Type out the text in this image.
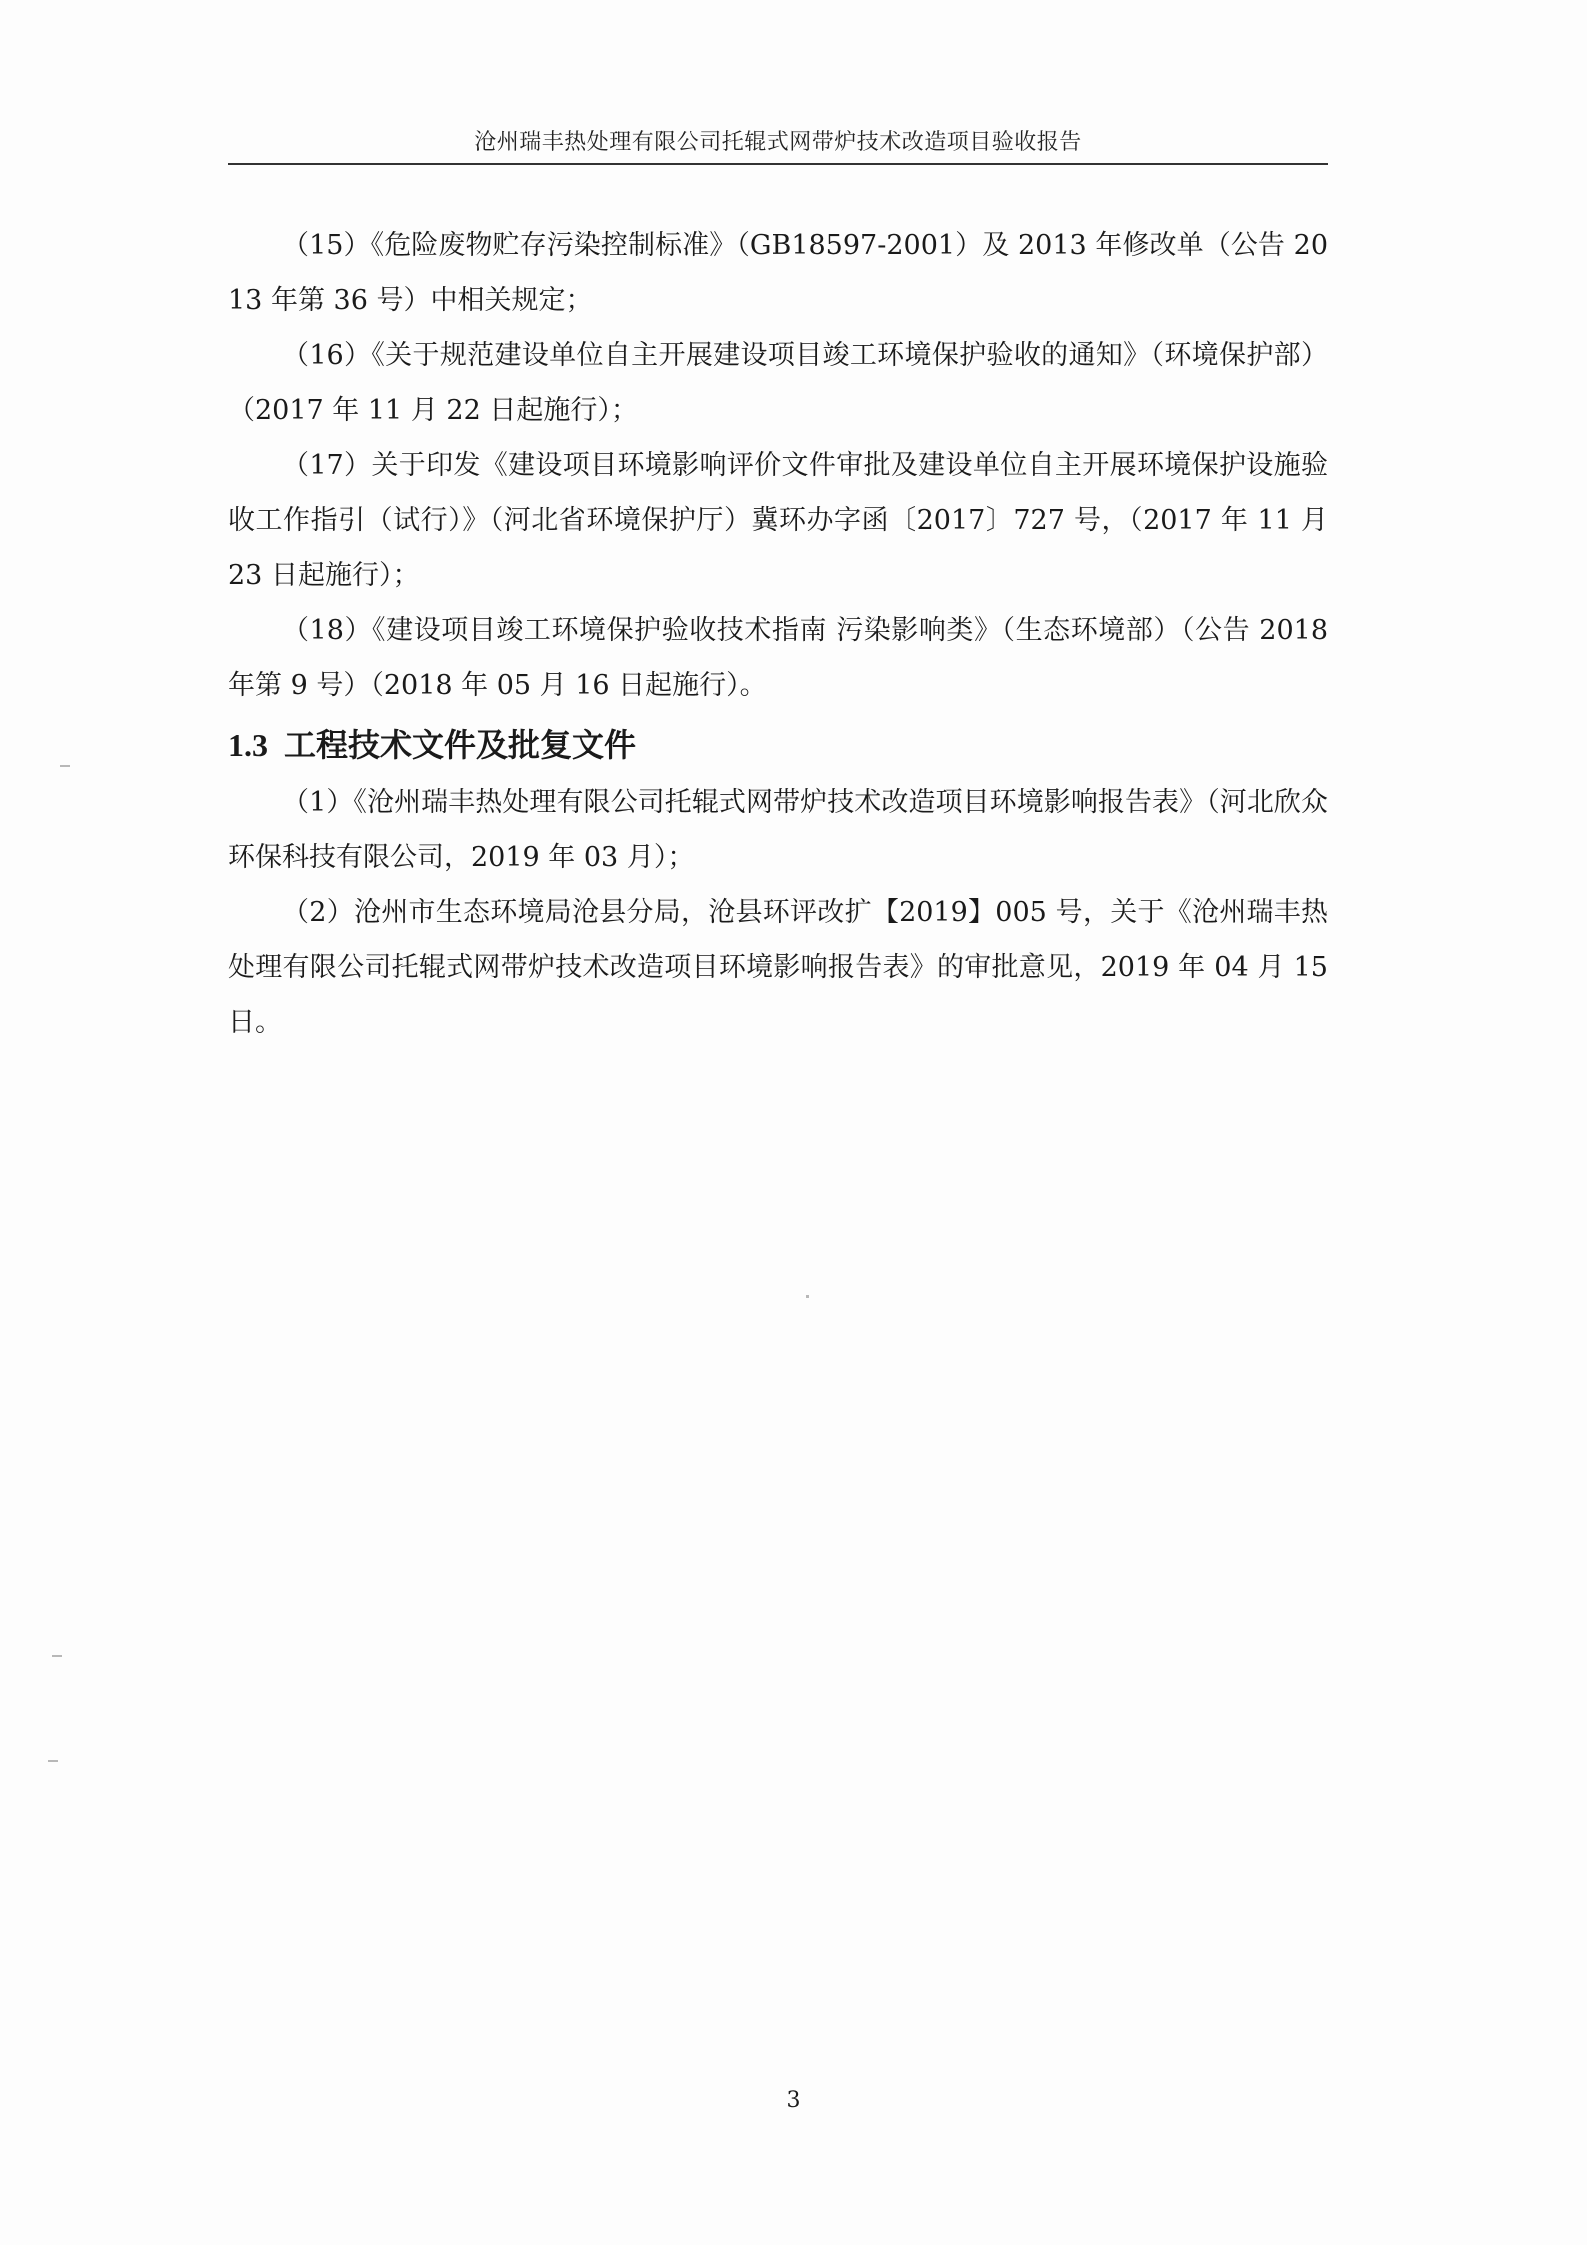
沧州瑞丰热处理有限公司托辊式网带炉技术改造项目验收报告

（15）《危险废物贮存污染控制标准》（GB18597-2001）及 2013 年修改单（公告 2013 年第 36 号）中相关规定；

（16）《关于规范建设单位自主开展建设项目竣工环境保护验收的通知》（环境保护部）（2017 年 11 月 22 日起施行）；

（17）关于印发《建设项目环境影响评价文件审批及建设单位自主开展环境保护设施验收工作指引（试行）》（河北省环境保护厅）冀环办字函〔2017〕727 号，（2017 年 11 月 23 日起施行）；

（18）《建设项目竣工环境保护验收技术指南 污染影响类》（生态环境部）（公告 2018 年第 9 号）（2018 年 05 月 16 日起施行）。

1.3 工程技术文件及批复文件

（1）《沧州瑞丰热处理有限公司托辊式网带炉技术改造项目环境影响报告表》（河北欣众环保科技有限公司，2019 年 03 月）；

（2）沧州市生态环境局沧县分局，沧县环评改扩【2019】005 号，关于《沧州瑞丰热处理有限公司托辊式网带炉技术改造项目环境影响报告表》的审批意见，2019 年 04 月 15 日。

3
